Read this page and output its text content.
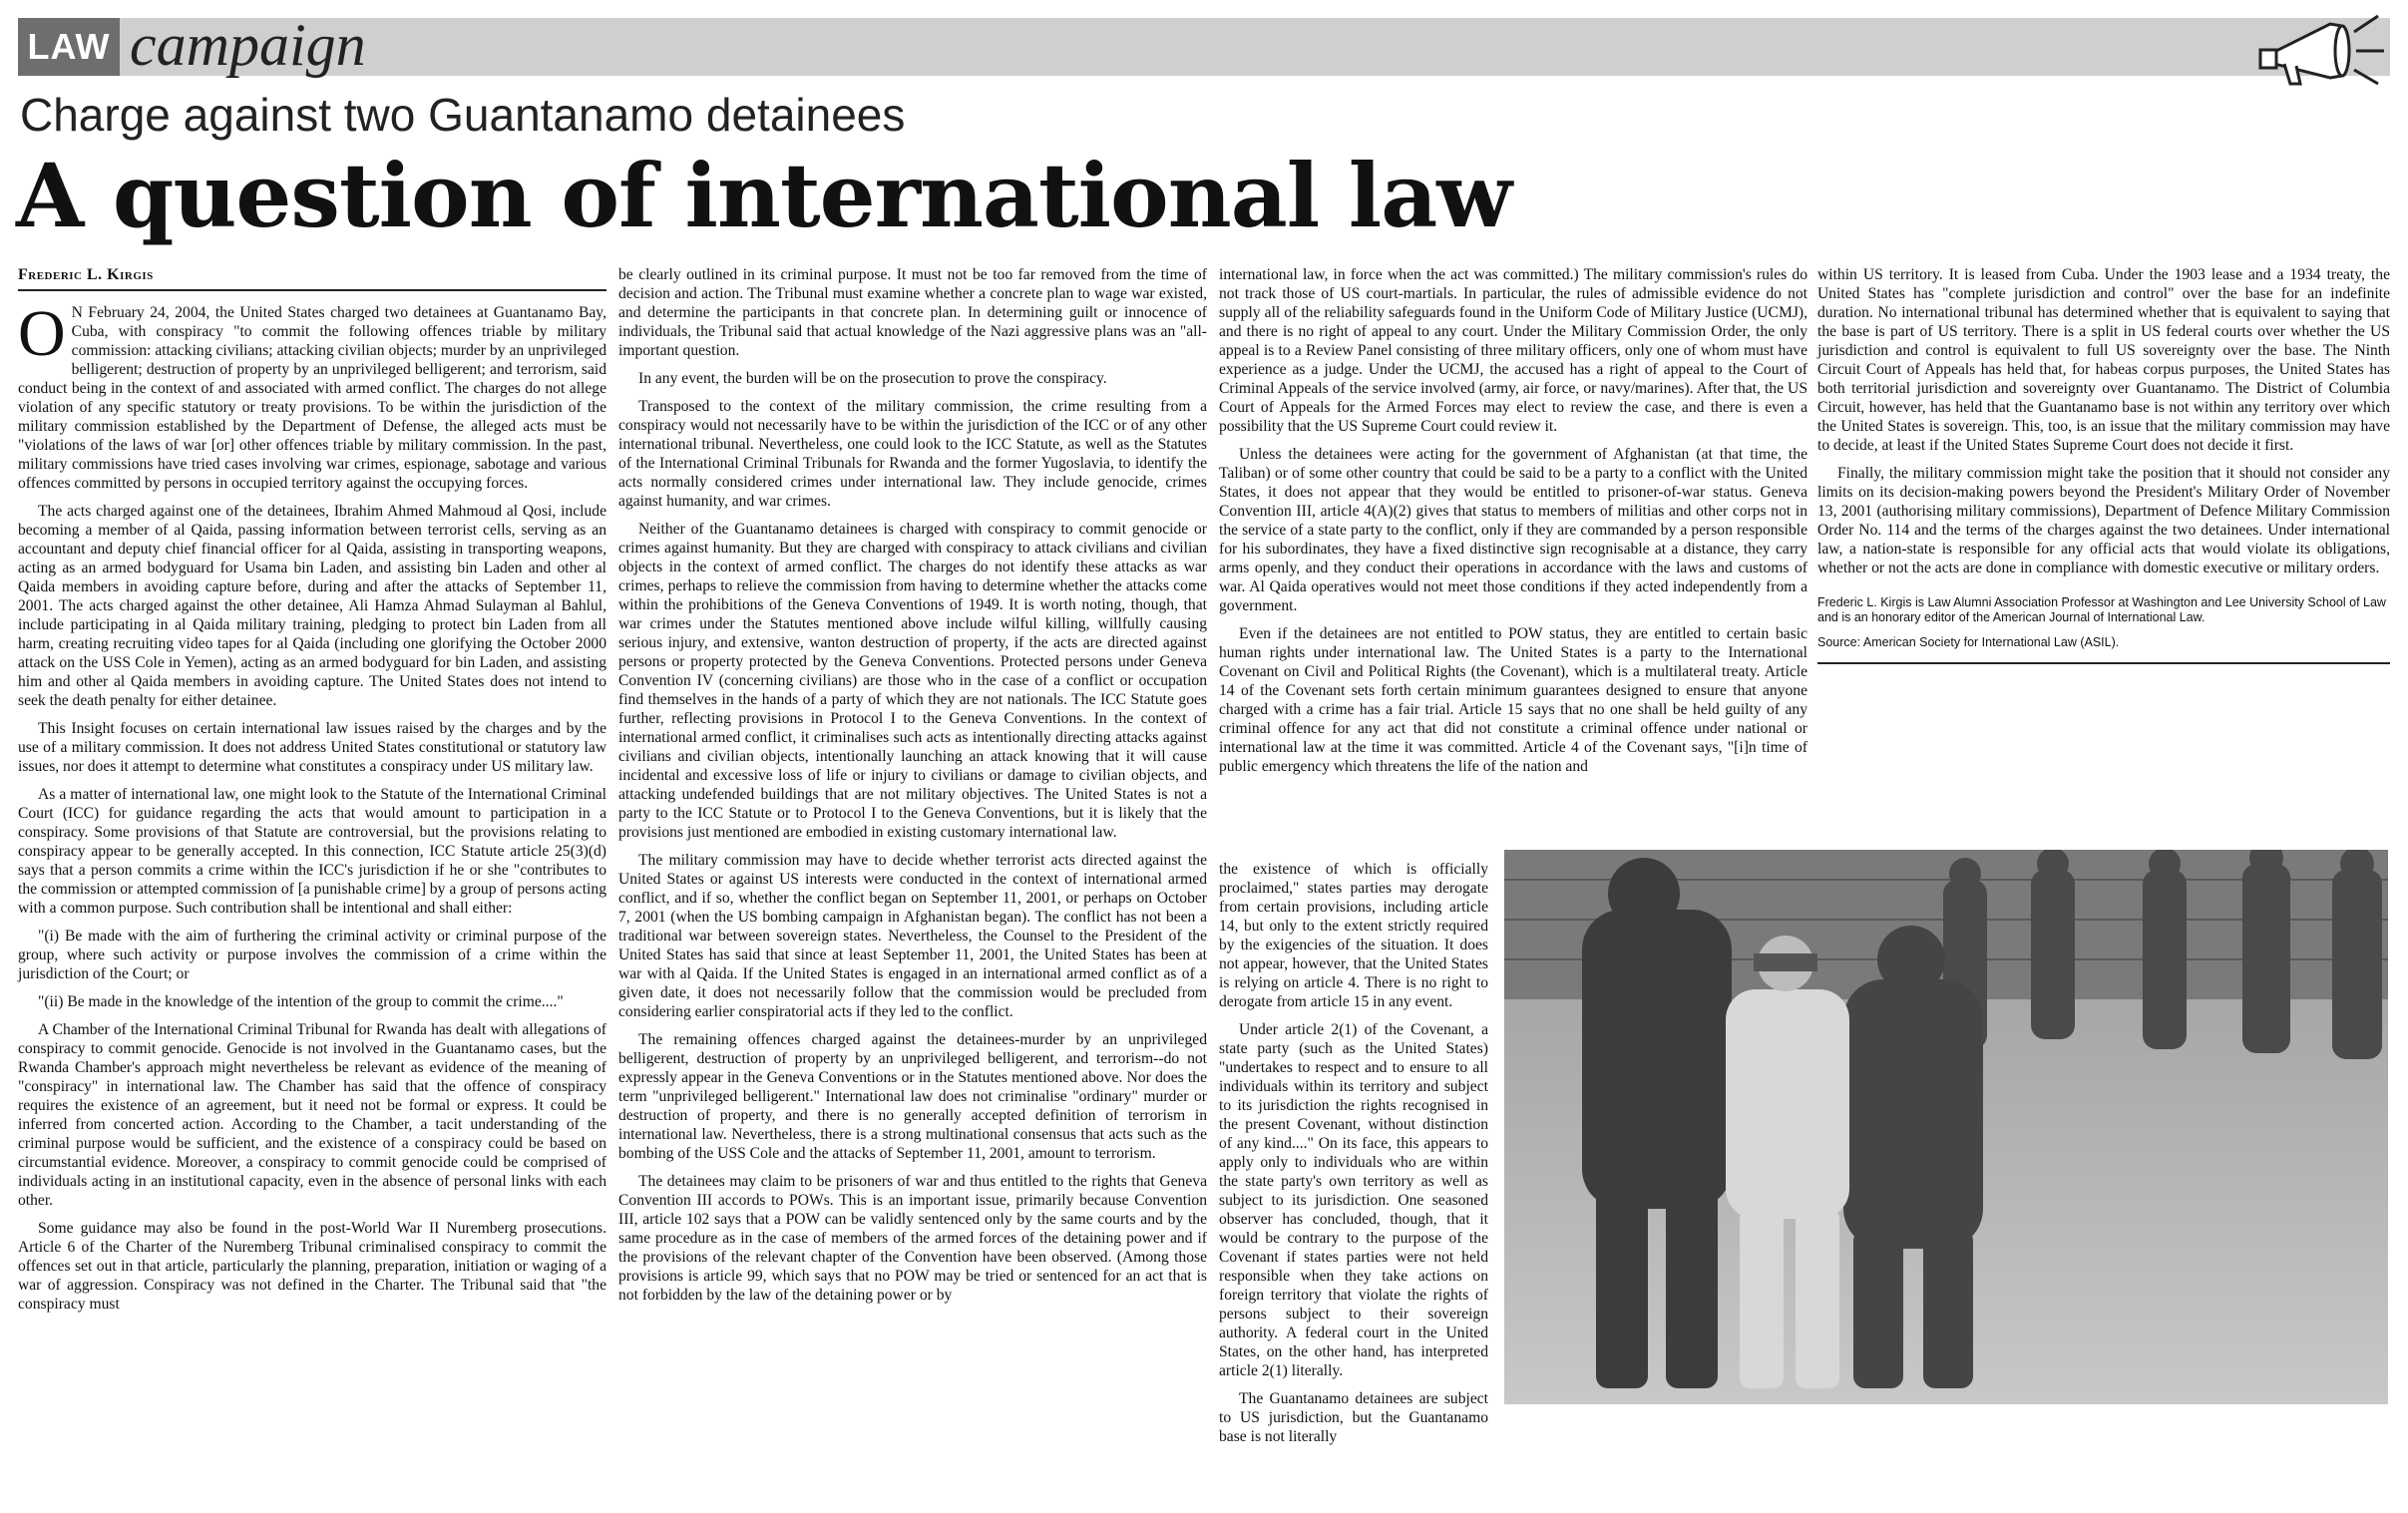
LAW campaign
Charge against two Guantanamo detainees
A question of international law
Frederic L. Kirgis

O N February 24, 2004, the United States charged two detainees at Guantanamo Bay, Cuba, with conspiracy "to commit the following offences triable by military commission: attacking civilians; attacking civilian objects; murder by an unprivileged belligerent; destruction of property by an unprivileged belligerent; and terrorism, said conduct being in the context of and associated with armed conflict. The charges do not allege violation of any specific statutory or treaty provisions. To be within the jurisdiction of the military commission established by the Department of Defense, the alleged acts must be "violations of the laws of war [or] other offences triable by military commission. In the past, military commissions have tried cases involving war crimes, espionage, sabotage and various offences committed by persons in occupied territory against the occupying forces.

The acts charged against one of the detainees, Ibrahim Ahmed Mahmoud al Qosi, include becoming a member of al Qaida, passing information between terrorist cells, serving as an accountant and deputy chief financial officer for al Qaida, assisting in transporting weapons, acting as an armed bodyguard for Usama bin Laden, and assisting bin Laden and other al Qaida members in avoiding capture before, during and after the attacks of September 11, 2001. The acts charged against the other detainee, Ali Hamza Ahmad Sulayman al Bahlul, include participating in al Qaida military training, pledging to protect bin Laden from all harm, creating recruiting video tapes for al Qaida (including one glorifying the October 2000 attack on the USS Cole in Yemen), acting as an armed bodyguard for bin Laden, and assisting him and other al Qaida members in avoiding capture. The United States does not intend to seek the death penalty for either detainee.

This Insight focuses on certain international law issues raised by the charges and by the use of a military commission. It does not address United States constitutional or statutory law issues, nor does it attempt to determine what constitutes a conspiracy under US military law.

As a matter of international law, one might look to the Statute of the International Criminal Court (ICC) for guidance regarding the acts that would amount to participation in a conspiracy. Some provisions of that Statute are controversial, but the provisions relating to conspiracy appear to be generally accepted. In this connection, ICC Statute article 25(3)(d) says that a person commits a crime within the ICC's jurisdiction if he or she "contributes to the commission or attempted commission of [a punishable crime] by a group of persons acting with a common purpose. Such contribution shall be intentional and shall either:

"(i) Be made with the aim of furthering the criminal activity or criminal purpose of the group, where such activity or purpose involves the commission of a crime within the jurisdiction of the Court; or

"(ii) Be made in the knowledge of the intention of the group to commit the crime...."

A Chamber of the International Criminal Tribunal for Rwanda has dealt with allegations of conspiracy to commit genocide. Genocide is not involved in the Guantanamo cases, but the Rwanda Chamber's approach might nevertheless be relevant as evidence of the meaning of "conspiracy" in international law. The Chamber has said that the offence of conspiracy requires the existence of an agreement, but it need not be formal or express. It could be inferred from concerted action. According to the Chamber, a tacit understanding of the criminal purpose would be sufficient, and the existence of a conspiracy could be based on circumstantial evidence. Moreover, a conspiracy to commit genocide could be comprised of individuals acting in an institutional capacity, even in the absence of personal links with each other.

Some guidance may also be found in the post-World War II Nuremberg prosecutions. Article 6 of the Charter of the Nuremberg Tribunal criminalised conspiracy to commit the offences set out in that article, particularly the planning, preparation, initiation or waging of a war of aggression. Conspiracy was not defined in the Charter. The Tribunal said that "the conspiracy must

be clearly outlined in its criminal purpose. It must not be too far removed from the time of decision and action. The Tribunal must examine whether a concrete plan to wage war existed, and determine the participants in that concrete plan. In determining guilt or innocence of individuals, the Tribunal said that actual knowledge of the Nazi aggressive plans was an "all-important question.

In any event, the burden will be on the prosecution to prove the conspiracy.

Transposed to the context of the military commission, the crime resulting from a conspiracy would not necessarily have to be within the jurisdiction of the ICC or of any other international tribunal. Nevertheless, one could look to the ICC Statute, as well as the Statutes of the International Criminal Tribunals for Rwanda and the former Yugoslavia, to identify the acts normally considered crimes under international law. They include genocide, crimes against humanity, and war crimes.

Neither of the Guantanamo detainees is charged with conspiracy to commit genocide or crimes against humanity. But they are charged with conspiracy to attack civilians and civilian objects in the context of armed conflict. The charges do not identify these attacks as war crimes, perhaps to relieve the commission from having to determine whether the attacks come within the prohibitions of the Geneva Conventions of 1949. It is worth noting, though, that war crimes under the Statutes mentioned above include wilful killing, willfully causing serious injury, and extensive, wanton destruction of property, if the acts are directed against persons or property protected by the Geneva Conventions. Protected persons under Geneva Convention IV (concerning civilians) are those who in the case of a conflict or occupation find themselves in the hands of a party of which they are not nationals. The ICC Statute goes further, reflecting provisions in Protocol I to the Geneva Conventions. In the context of international armed conflict, it criminalises such acts as intentionally directing attacks against civilians and civilian objects, intentionally launching an attack knowing that it will cause incidental and excessive loss of life or injury to civilians or damage to civilian objects, and attacking undefended buildings that are not military objectives. The United States is not a party to the ICC Statute or to Protocol I to the Geneva Conventions, but it is likely that the provisions just mentioned are embodied in existing customary international law.

The military commission may have to decide whether terrorist acts directed against the United States or against US interests were conducted in the context of international armed conflict, and if so, whether the conflict began on September 11, 2001, or perhaps on October 7, 2001 (when the US bombing campaign in Afghanistan began). The conflict has not been a traditional war between sovereign states. Nevertheless, the Counsel to the President of the United States has said that since at least September 11, 2001, the United States has been at war with al Qaida. If the United States is engaged in an international armed conflict as of a given date, it does not necessarily follow that the commission would be precluded from considering earlier conspiratorial acts if they led to the conflict.

The remaining offences charged against the detainees-murder by an unprivileged belligerent, destruction of property by an unprivileged belligerent, and terrorism--do not expressly appear in the Geneva Conventions or in the Statutes mentioned above. Nor does the term "unprivileged belligerent." International law does not criminalise "ordinary" murder or destruction of property, and there is no generally accepted definition of terrorism in international law. Nevertheless, there is a strong multinational consensus that acts such as the bombing of the USS Cole and the attacks of September 11, 2001, amount to terrorism.

The detainees may claim to be prisoners of war and thus entitled to the rights that Geneva Convention III accords to POWs. This is an important issue, primarily because Convention III, article 102 says that a POW can be validly sentenced only by the same courts and by the same procedure as in the case of members of the armed forces of the detaining power and if the provisions of the relevant chapter of the Convention have been observed. (Among those provisions is article 99, which says that no POW may be tried or sentenced for an act that is not forbidden by the law of the detaining power or by

international law, in force when the act was committed.) The military commission's rules do not track those of US court-martials. In particular, the rules of admissible evidence do not supply all of the reliability safeguards found in the Uniform Code of Military Justice (UCMJ), and there is no right of appeal to any court. Under the Military Commission Order, the only appeal is to a Review Panel consisting of three military officers, only one of whom must have experience as a judge. Under the UCMJ, the accused has a right of appeal to the Court of Criminal Appeals of the service involved (army, air force, or navy/marines). After that, the US Court of Appeals for the Armed Forces may elect to review the case, and there is even a possibility that the US Supreme Court could review it.

Unless the detainees were acting for the government of Afghanistan (at that time, the Taliban) or of some other country that could be said to be a party to a conflict with the United States, it does not appear that they would be entitled to prisoner-of-war status. Geneva Convention III, article 4(A)(2) gives that status to members of militias and other corps not in the service of a state party to the conflict, only if they are commanded by a person responsible for his subordinates, they have a fixed distinctive sign recognisable at a distance, they carry arms openly, and they conduct their operations in accordance with the laws and customs of war. Al Qaida operatives would not meet those conditions if they acted independently from a government.

Even if the detainees are not entitled to POW status, they are entitled to certain basic human rights under international law. The United States is a party to the International Covenant on Civil and Political Rights (the Covenant), which is a multilateral treaty. Article 14 of the Covenant sets forth certain minimum guarantees designed to ensure that anyone charged with a crime has a fair trial. Article 15 says that no one shall be held guilty of any criminal offence for any act that did not constitute a criminal offence under national or international law at the time it was committed. Article 4 of the Covenant says, "[i]n time of public emergency which threatens the life of the nation and

the existence of which is officially proclaimed," states parties may derogate from certain provisions, including article 14, but only to the extent strictly required by the exigencies of the situation. It does not appear, however, that the United States is relying on article 4. There is no right to derogate from article 15 in any event.

Under article 2(1) of the Covenant, a state party (such as the United States) "undertakes to respect and to ensure to all individuals within its territory and subject to its jurisdiction the rights recognised in the present Covenant, without distinction of any kind...." On its face, this appears to apply only to individuals who are within the state party's own territory as well as subject to its jurisdiction. One seasoned observer has concluded, though, that it would be contrary to the purpose of the Covenant if states parties were not held responsible when they take actions on foreign territory that violate the rights of persons subject to their sovereign authority. A federal court in the United States, on the other hand, has interpreted article 2(1) literally.

The Guantanamo detainees are subject to US jurisdiction, but the Guantanamo base is not literally

within US territory. It is leased from Cuba. Under the 1903 lease and a 1934 treaty, the United States has "complete jurisdiction and control" over the base for an indefinite duration. No international tribunal has determined whether that is equivalent to saying that the base is part of US territory. There is a split in US federal courts over whether the US jurisdiction and control is equivalent to full US sovereignty over the base. The Ninth Circuit Court of Appeals has held that, for habeas corpus purposes, the United States has both territorial jurisdiction and sovereignty over Guantanamo. The District of Columbia Circuit, however, has held that the Guantanamo base is not within any territory over which the United States is sovereign. This, too, is an issue that the military commission may have to decide, at least if the United States Supreme Court does not decide it first.

Finally, the military commission might take the position that it should not consider any limits on its decision-making powers beyond the President's Military Order of November 13, 2001 (authorising military commissions), Department of Defence Military Commission Order No. 114 and the terms of the charges against the two detainees. Under international law, a nation-state is responsible for any official acts that would violate its obligations, whether or not the acts are done in compliance with domestic executive or military orders.

Frederic L. Kirgis is Law Alumni Association Professor at Washington and Lee University School of Law and is an honorary editor of the American Journal of International Law.
Source: American Society for International Law (ASIL).
